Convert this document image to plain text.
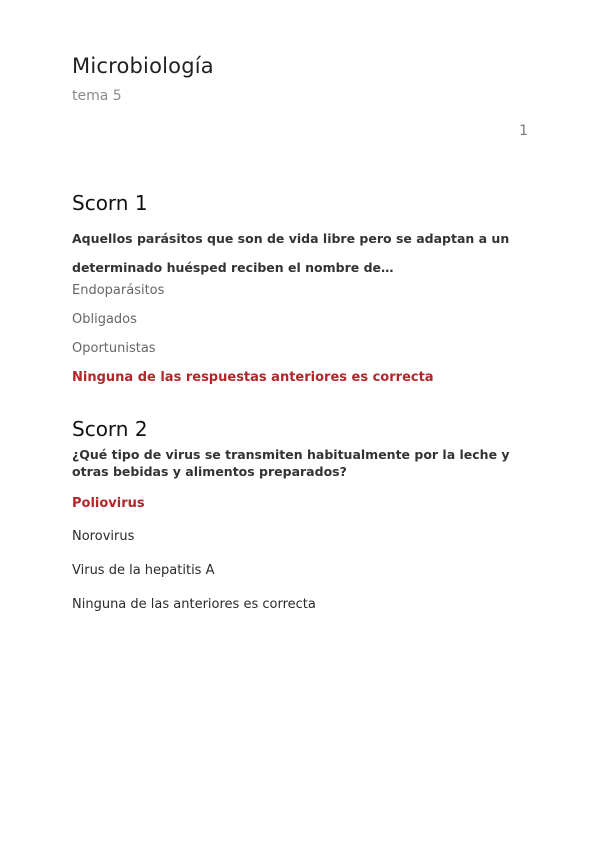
Microbiología
tema 5
1
Scorn 1
Aquellos parásitos que son de vida libre pero se adaptan a un determinado huésped reciben el nombre de…
Endoparásitos
Obligados
Oportunistas
Ninguna de las respuestas anteriores es correcta
Scorn 2
¿Qué tipo de virus se transmiten habitualmente por la leche y otras bebidas y alimentos preparados?
Poliovirus
Norovirus
Virus de la hepatitis A
Ninguna de las anteriores es correcta
